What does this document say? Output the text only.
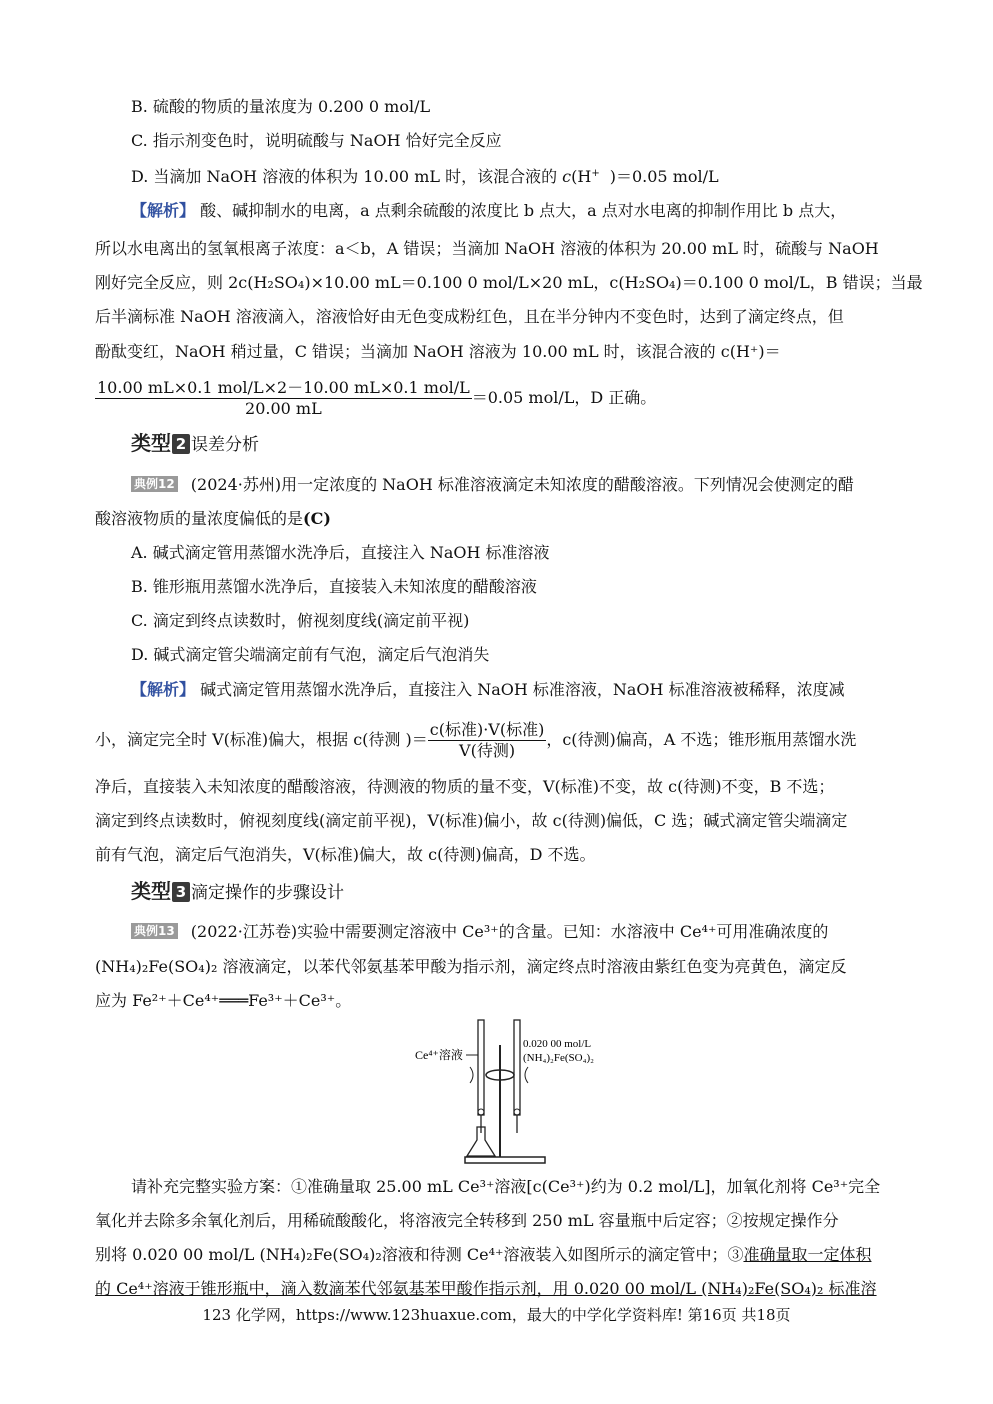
B. 硫酸的物质的量浓度为 0.200 0 mol/L
C. 指示剂变色时，说明硫酸与 NaOH 恰好完全反应
D. 当滴加 NaOH 溶液的体积为 10.00 mL 时，该混合液的 c(H+ )＝0.05 mol/L
【解析】 酸、碱抑制水的电离，a 点剩余硫酸的浓度比 b 点大，a 点对水电离的抑制作用比 b 点大，
所以水电离出的氢氧根离子浓度：a＜b，A 错误；当滴加 NaOH 溶液的体积为 20.00 mL 时，硫酸与 NaOH
刚好完全反应，则 2c(H₂SO₄)×10.00 mL＝0.100 0 mol/L×20 mL，c(H₂SO₄)＝0.100 0 mol/L，B 错误；当最
后半滴标准 NaOH 溶液滴入，溶液恰好由无色变成粉红色，且在半分钟内不变色时，达到了滴定终点，但
酚酞变红，NaOH 稍过量，C 错误；当滴加 NaOH 溶液为 10.00 mL 时，该混合液的 c(H⁺)＝
$\frac{\text{10.00 mL×0.1 mol/L×2－10.00 mL×0.1 mol/L}}{20.00 mL} =0.05$ mol/L，D 正确。
类型 2 误差分析
典例12 (2024·苏州)用一定浓度的 NaOH 标准溶液滴定未知浓度的醋酸溶液。下列情况会使测定的醋
酸溶液物质的量浓度偏低的是(C)
A. 碱式滴定管用蒸馏水洗净后，直接注入 NaOH 标准溶液
B. 锥形瓶用蒸馏水洗净后，直接装入未知浓度的醋酸溶液
C. 滴定到终点读数时，俯视刻度线(滴定前平视)
D. 碱式滴定管尖端滴定前有气泡，滴定后气泡消失
【解析】 碱式滴定管用蒸馏水洗净后，直接注入 NaOH 标准溶液，NaOH 标准溶液被稀释，浓度减
小，滴定完全时 V(标准)偏大，根据 c(待测 )＝ $\frac{\text{c(标准)·V(标准)}}{\text{V(待测)}}$ ，c(待测)偏高，A 不选；锥形瓶用蒸馏水洗
净后，直接装入未知浓度的醋酸溶液，待测液的物质的量不变，V(标准)不变，故 c(待测)不变，B 不选；
滴定到终点读数时，俯视刻度线(滴定前平视)，V(标准)偏小，故 c(待测)偏低，C 选；碱式滴定管尖端滴定
前有气泡，滴定后气泡消失，V(标准)偏大，故 c(待测)偏高，D 不选。
类型 3 滴定操作的步骤设计
典例13 (2022·江苏卷)实验中需要测定溶液中 Ce³⁺的含量。已知：水溶液中 Ce⁴⁺可用准确浓度的
(NH₄)₂Fe(SO₄)₂ 溶液滴定，以苯代邻氨基苯甲酸为指示剂，滴定终点时溶液由紫红色变为亮黄色，滴定反
应为 Fe²⁺＋Ce⁴⁺═══Fe³⁺＋Ce³⁺。
Ce⁴⁺溶液
0.020 00 mol/L
(NH₄)₂Fe(SO₄)₂
请补充完整实验方案：①准确量取 25.00 mL Ce³⁺溶液[c(Ce³⁺)约为 0.2 mol/L]，加氧化剂将 Ce³⁺完全
氧化并去除多余氧化剂后，用稀硫酸酸化，将溶液完全转移到 250 mL 容量瓶中后定容；②按规定操作分
别将 0.020 00 mol/L (NH₄)₂Fe(SO₄)₂溶液和待测 Ce⁴⁺溶液装入如图所示的滴定管中；③准确量取一定体积
的 Ce⁴⁺溶液于锥形瓶中，滴入数滴苯代邻氨基苯甲酸作指示剂，用 0.020 00 mol/L (NH₄)₂Fe(SO₄)₂ 标准溶
123 化学网，https://www.123huaxue.com，最大的中学化学资料库! 第16页 共18页
